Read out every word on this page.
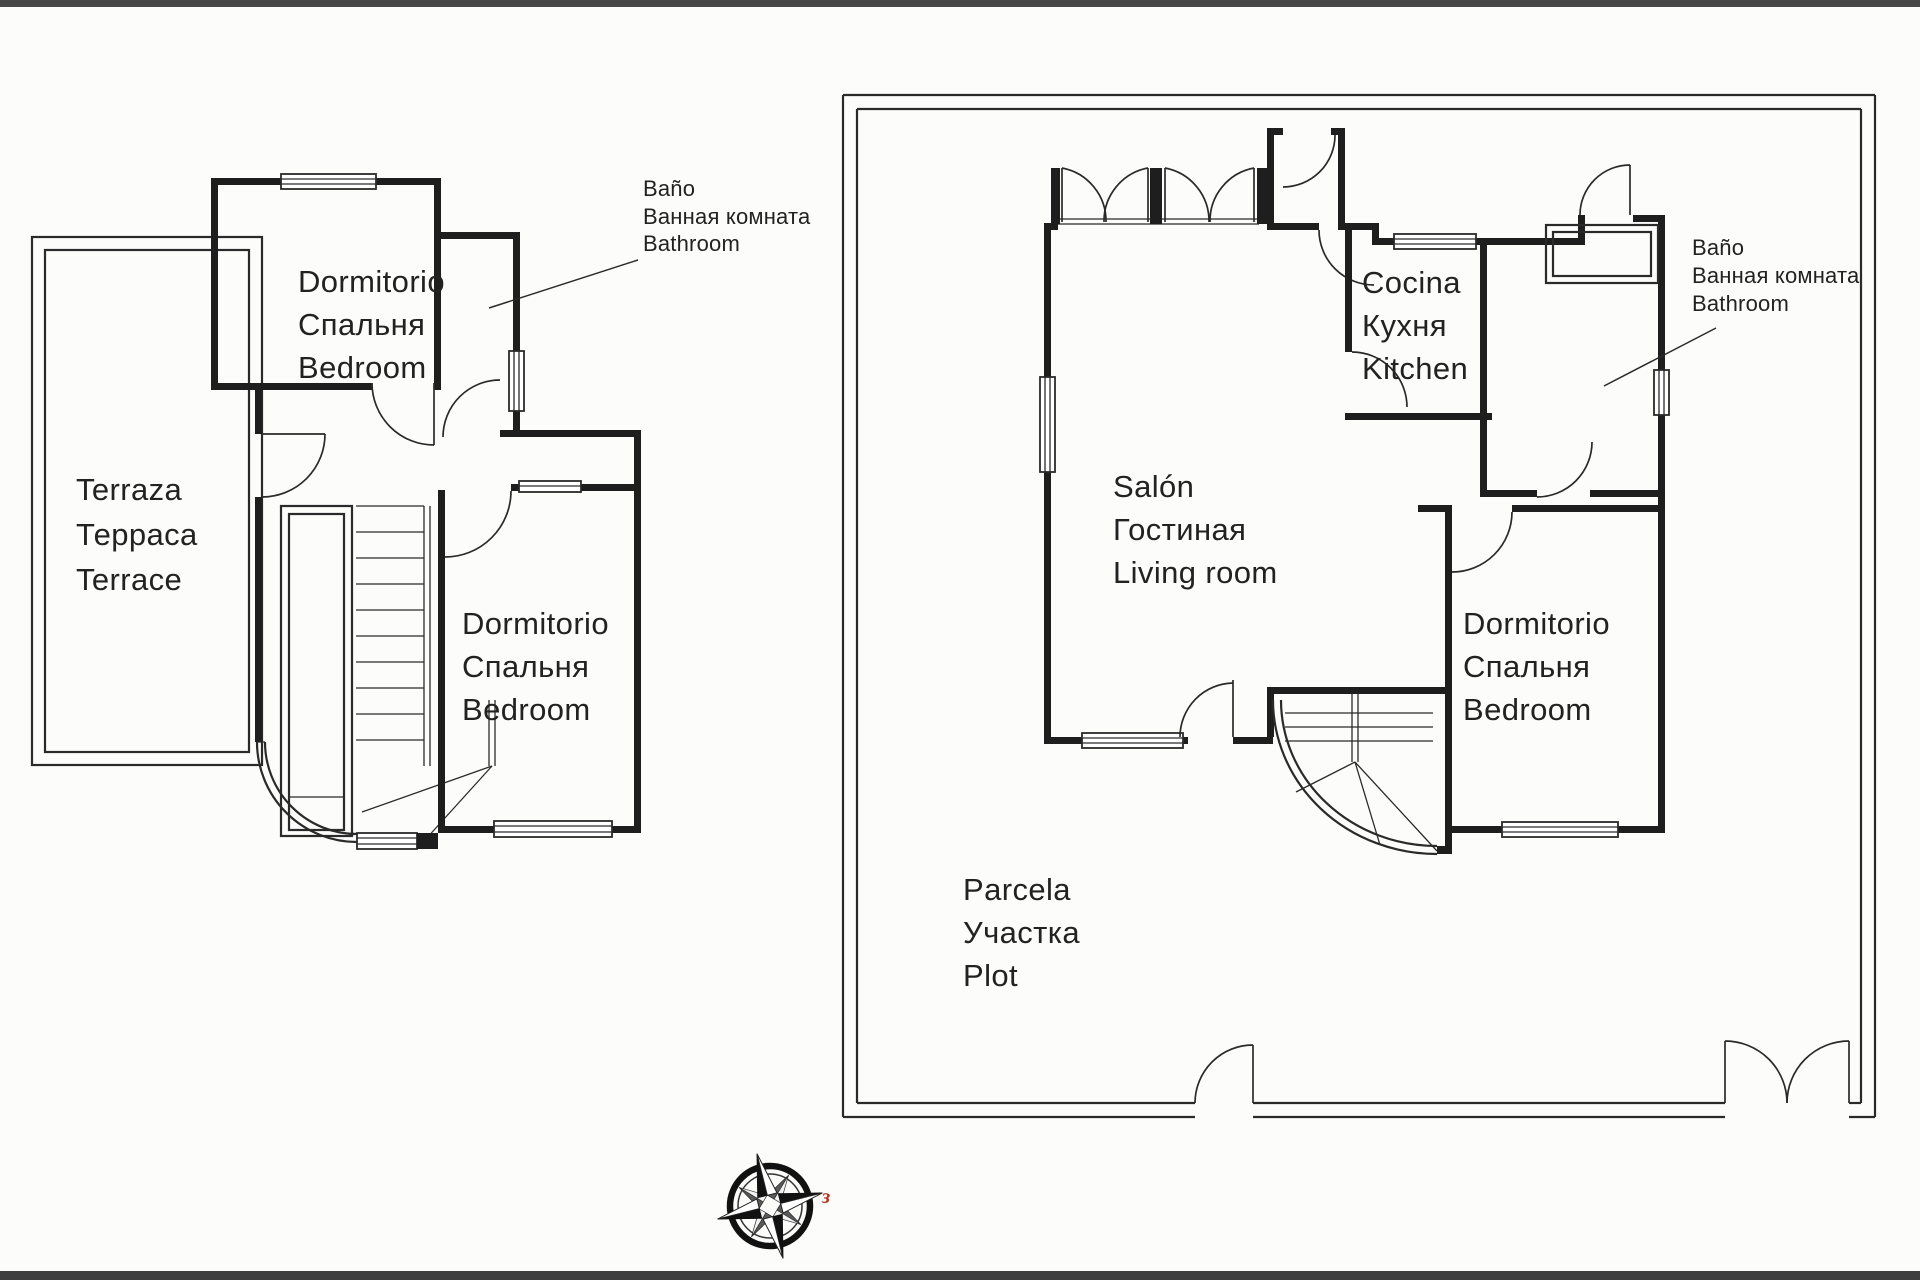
Terraza
Терраса
Terrace
Dormitorio
Спальня
Bedroom
Dormitorio
Спальня
Bedroom
Baño
Ванная комната
Bathroom
Cocina
Кухня
Kitchen
Salón
Гостиная
Living room
Dormitorio
Спальня
Bedroom
Baño
Ванная комната
Bathroom
Parcela
Участка
Plot
з
